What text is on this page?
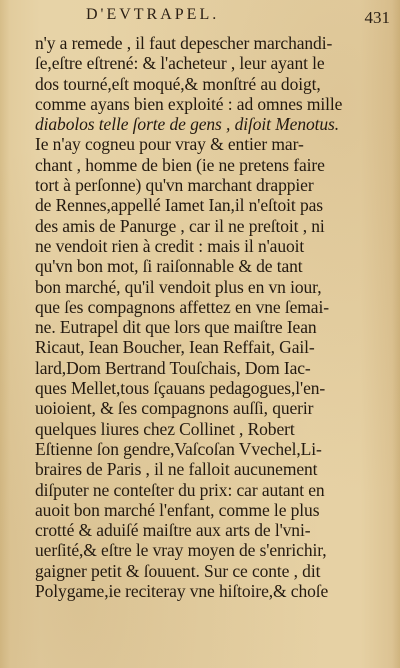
D'EVTRAPEL.	431
n'y a remede , il faut depescher marchandi-
ſe,eſtre eſtrené: & l'acheteur , leur ayant le
dos tourné,eſt moqué,& monſtré au doigt,
comme ayans bien exploité : ad omnes mille
diabolos telle ſorte de gens , diſoit Menotus.
Ie n'ay cogneu pour vray & entier mar-
chant , homme de bien (ie ne pretens faire
tort à perſonne) qu'vn marchant drappier
de Rennes,appellé Iamet Ian,il n'eſtoit pas
des amis de Panurge , car il ne preſtoit , ni
ne vendoit rien à credit : mais il n'auoit
qu'vn bon mot, ſi raiſonnable & de tant
bon marché, qu'il vendoit plus en vn iour,
que ſes compagnons affettez en vne ſemai-
ne. Eutrapel dit que lors que maiſtre Iean
Ricaut, Iean Boucher, Iean Reffait, Gail-
lard,Dom Bertrand Touſchais, Dom Iac-
ques Mellet,tous ſçauans pedagogues,l'en-
uoioient, & ſes compagnons auſſi, querir
quelques liures chez Collinet , Robert
Eſtienne ſon gendre,Vaſcoſan Vvechel,Li-
braires de Paris , il ne falloit aucunement
diſputer ne conteſter du prix: car autant en
auoit bon marché l'enfant, comme le plus
crotté & aduiſé maiſtre aux arts de l'vni-
uerſité,& eſtre le vray moyen de s'enrichir,
gaigner petit & ſouuent. Sur ce conte , dit
Polygame,ie reciteray vne hiſtoire,& choſe
